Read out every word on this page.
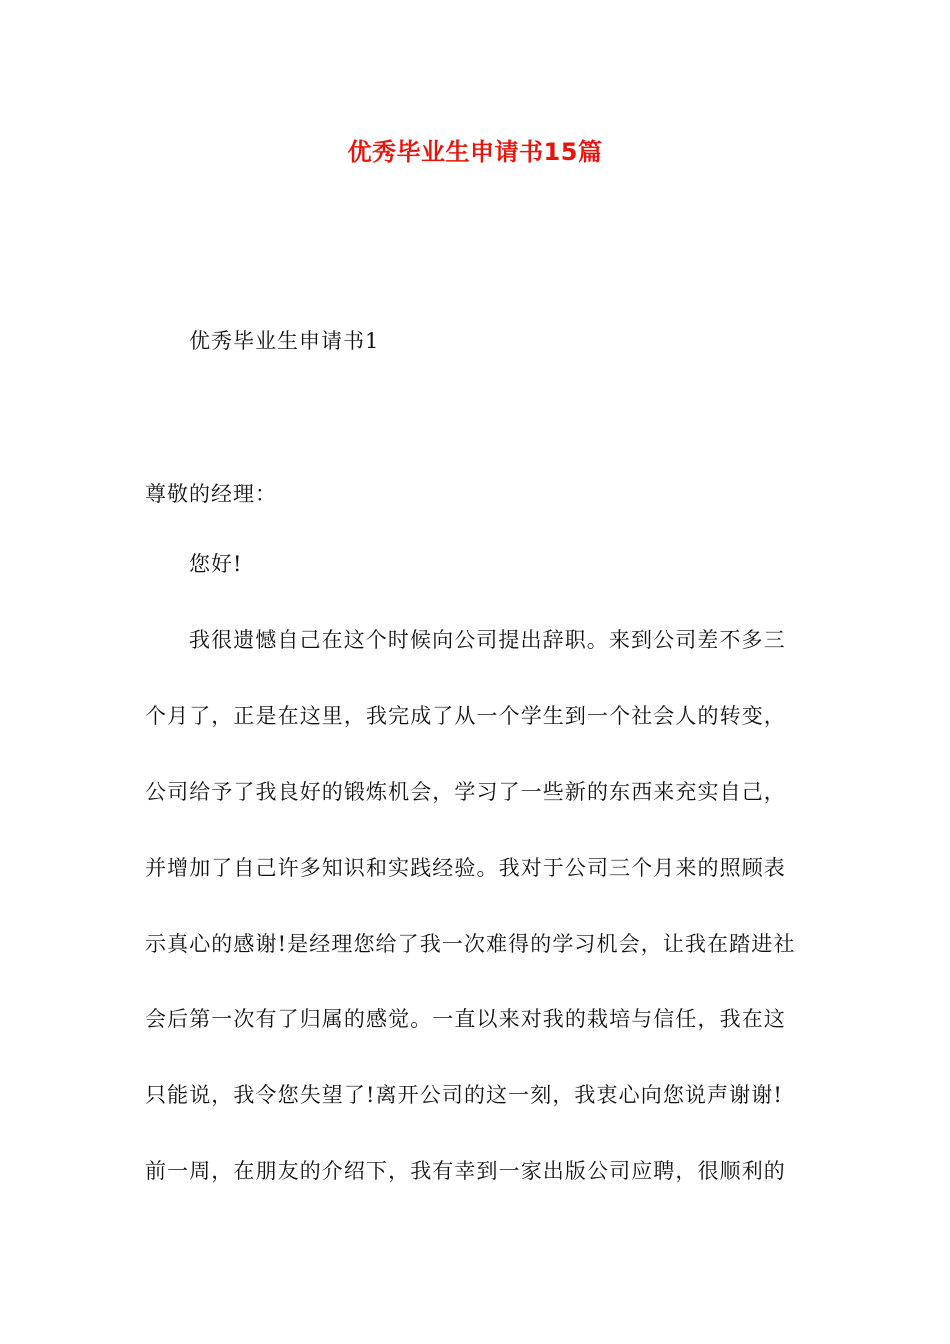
优秀毕业生申请书15篇
优秀毕业生申请书1
尊敬的经理：
您好!
我很遗憾自己在这个时候向公司提出辞职。来到公司差不多三
个月了，正是在这里，我完成了从一个学生到一个社会人的转变，
公司给予了我良好的锻炼机会，学习了一些新的东西来充实自己，
并增加了自己许多知识和实践经验。我对于公司三个月来的照顾表
示真心的感谢!是经理您给了我一次难得的学习机会，让我在踏进社
会后第一次有了归属的感觉。一直以来对我的栽培与信任，我在这
只能说，我令您失望了!离开公司的这一刻，我衷心向您说声谢谢!
前一周，在朋友的介绍下，我有幸到一家出版公司应聘，很顺利的
